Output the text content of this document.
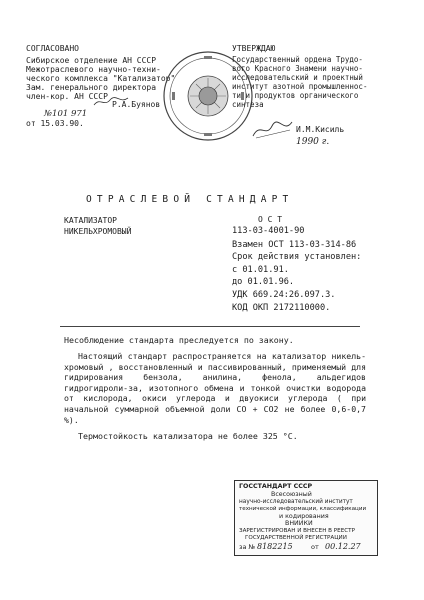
СОГЛАСОВАНО
Сибирское отделение АН СССР
Межотраслевого научно-техни-
ческого комплекса "Катализатор"
Зам. генерального директора
член-кор. АН СССР
Р.А.Буянов
№101 971
от 15.03.90.
УТВЕРЖДАЮ
Государственный ордена Трудо-
вого Красного Знамени научно-
исследовательский и проектный
институт азотной промышленнос-
ти и продуктов органического
синтеза
И.М.Кисиль
1990 г.
ОТРАСЛЕВОЙ СТАНДАРТ
КАТАЛИЗАТОР
НИКЕЛЬХРОМОВЫЙ
О С Т
113-03-4001-90
Взамен ОСТ 113-03-314-86
Срок действия установлен:
с 01.01.91.
до 01.01.96.
УДК 669.24:26.097.3.
КОД ОКП 2172110000.
Несоблюдение стандарта преследуется по закону.
Настоящий стандарт распространяется на катализатор никель-хромовый , восстановленный и пассивированный, применяемый для гидрирования бензола, анилина, фенола, альдегидов гидрогидроли-за, изотопного обмена и тонкой очистки водорода от кислорода, окиси углерода и двуокиси углерода ( при начальной суммарной объемной доли CO + CO2 не более 0,6-0,7 %).
Термостойкость катализатора не более 325 °C.
ГОССТАНДАРТ СССР
Всесоюзный
научно-исследовательский институт
технической информации, классификации
и кодирования
ВНИИКИ
ЗАРЕГИСТРИРОВАН И ВНЕСЕН В РЕЕСТР
ГОСУДАРСТВЕННОЙ РЕГИСТРАЦИИ
за № 8182215	от 00.12.27
